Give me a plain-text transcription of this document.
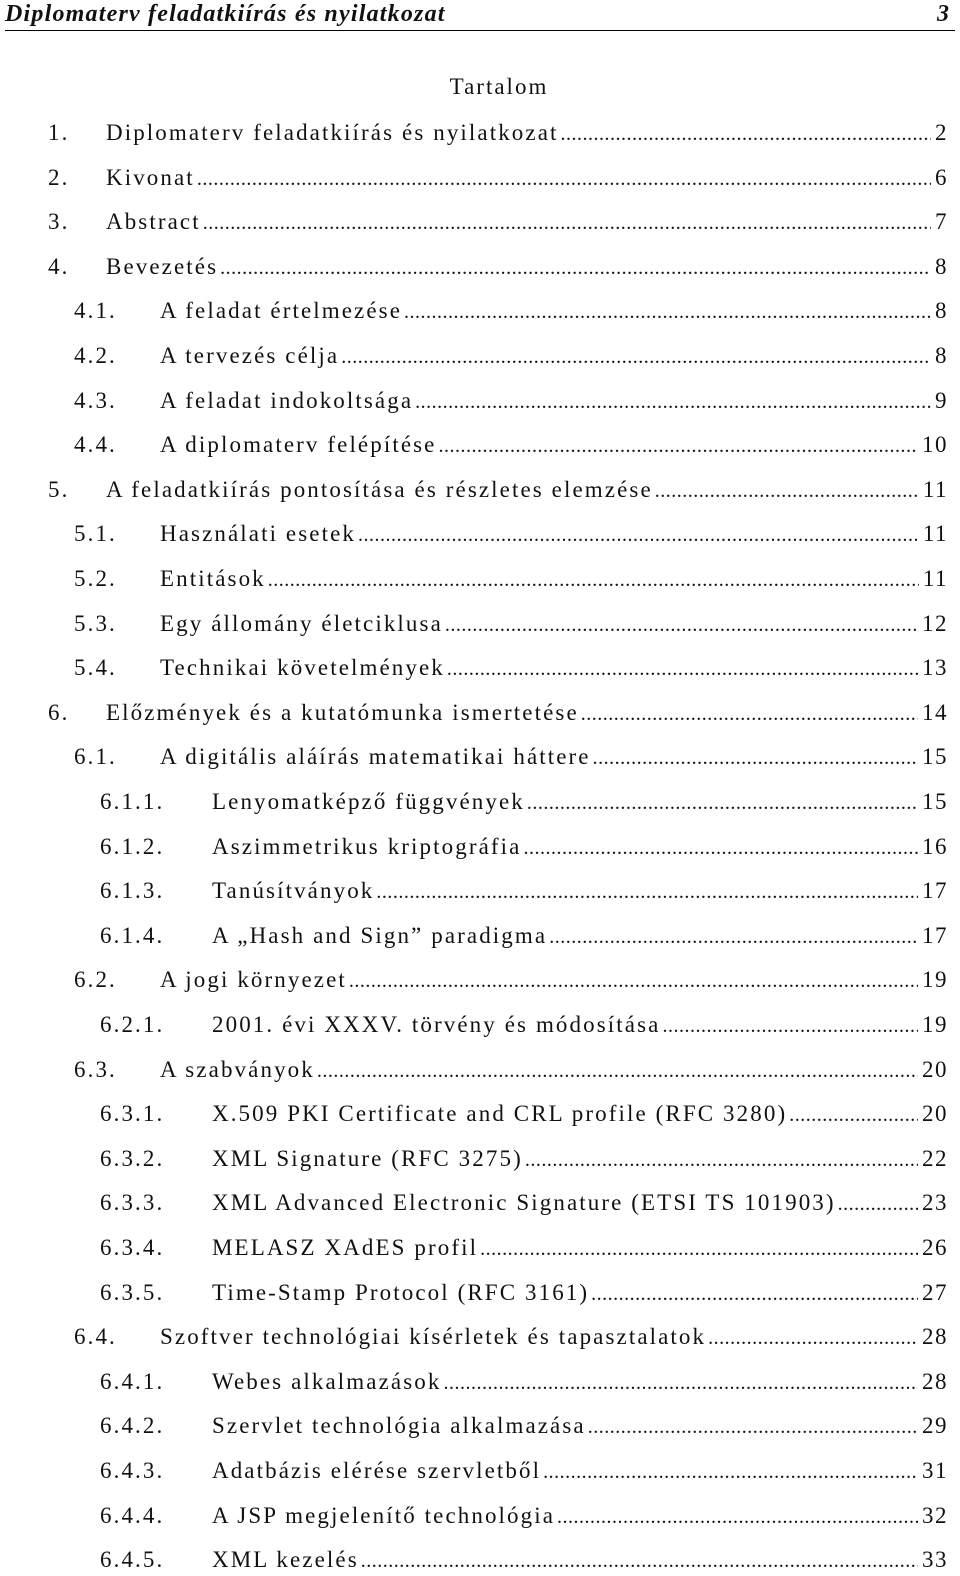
Diplomaterv feladatkiírás és nyilatkozat	3
Tartalom
1.	Diplomaterv feladatkiírás és nyilatkozat .....	2
2.	Kivonat .....	6
3.	Abstract .....	7
4.	Bevezetés .....	8
4.1.	A feladat értelmezése .....	8
4.2.	A tervezés célja .....	8
4.3.	A feladat indokoltsága .....	9
4.4.	A diplomaterv felépítése .....	10
5.	A feladatkiírás pontosítása és részletes elemzése .....	11
5.1.	Használati esetek .....	11
5.2.	Entitások .....	11
5.3.	Egy állomány életciklusa .....	12
5.4.	Technikai követelmények .....	13
6.	Előzmények és a kutatómunka ismertetése .....	14
6.1.	A digitális aláírás matematikai háttere .....	15
6.1.1.	Lenyomatképző függvények .....	15
6.1.2.	Aszimmetrikus kriptográfia .....	16
6.1.3.	Tanúsítványok .....	17
6.1.4.	A „Hash and Sign” paradigma .....	17
6.2.	A jogi környezet .....	19
6.2.1.	2001. évi XXXV. törvény és módosítása .....	19
6.3.	A szabványok .....	20
6.3.1.	X.509 PKI Certificate and CRL profile (RFC 3280) .....	20
6.3.2.	XML Signature (RFC 3275) .....	22
6.3.3.	XML Advanced Electronic Signature (ETSI TS 101903) .....	23
6.3.4.	MELASZ XAdES profil .....	26
6.3.5.	Time-Stamp Protocol (RFC 3161) .....	27
6.4.	Szoftver technológiai kísérletek és tapasztalatok .....	28
6.4.1.	Webes alkalmazások .....	28
6.4.2.	Szervlet technológia alkalmazása .....	29
6.4.3.	Adatbázis elérése szervletből .....	31
6.4.4.	A JSP megjelenítő technológia .....	32
6.4.5.	XML kezelés .....	33
